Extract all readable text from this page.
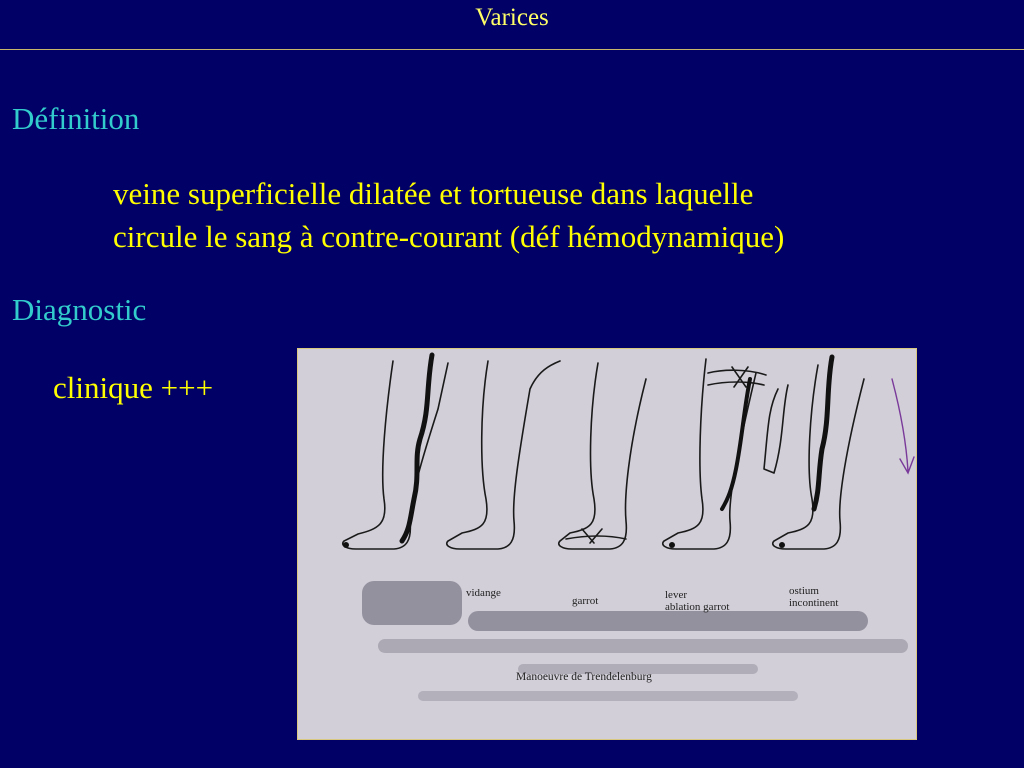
Varices
Définition
veine superficielle dilatée et tortueuse dans laquelle
circule le sang à contre-courant (déf hémodynamique)
Diagnostic
clinique +++
vidange
garrot	lever
ablation garrot
ostium
incontinent
Manoeuvre de Trendelenburg
